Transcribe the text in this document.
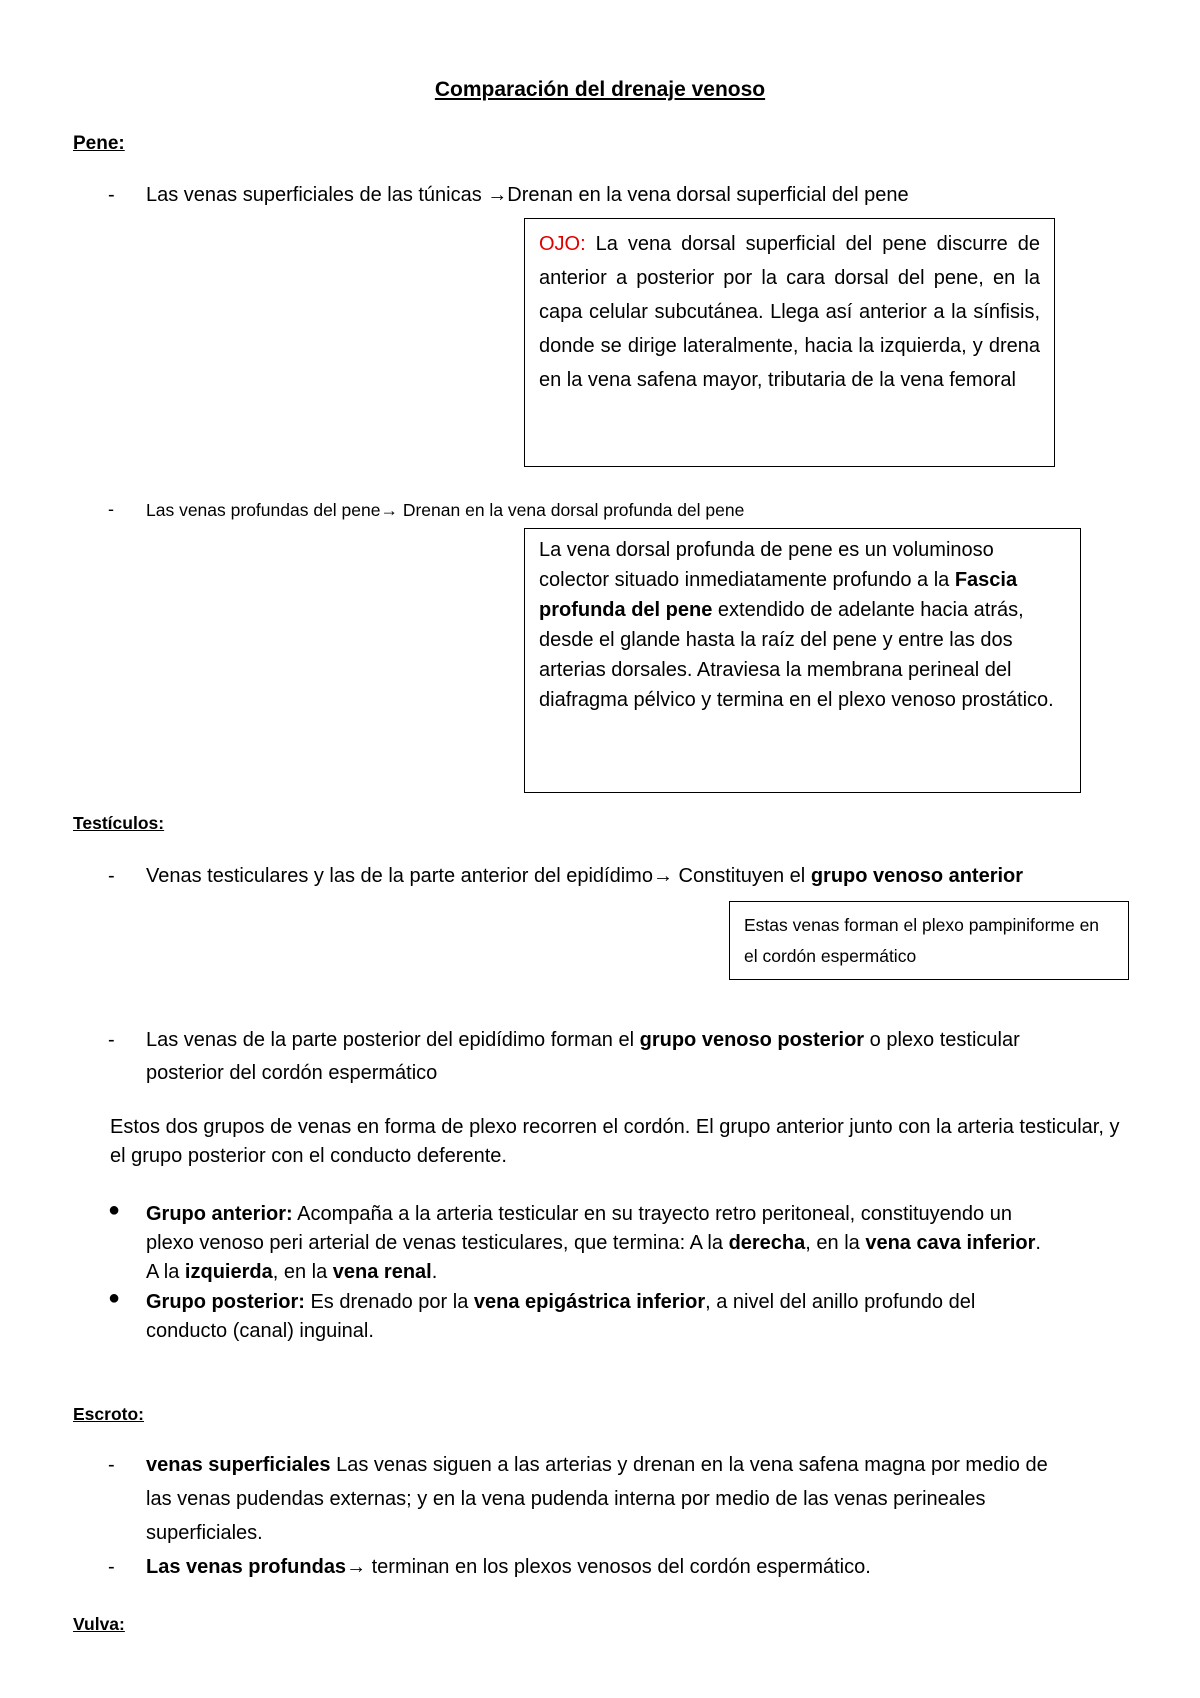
Comparación del drenaje venoso
Pene:
- Las venas superficiales de las túnicas →Drenan en la vena dorsal superficial del pene
OJO: La vena dorsal superficial del pene discurre de anterior a posterior por la cara dorsal del pene, en la capa celular subcutánea. Llega así anterior a la sínfisis, donde se dirige lateralmente, hacia la izquierda, y drena en la vena safena mayor, tributaria de la vena femoral
- Las venas profundas del pene→ Drenan en la vena dorsal profunda del pene
La vena dorsal profunda de pene es un voluminoso colector situado inmediatamente profundo a la Fascia profunda del pene extendido de adelante hacia atrás, desde el glande hasta la raíz del pene y entre las dos arterias dorsales. Atraviesa la membrana perineal del diafragma pélvico y termina en el plexo venoso prostático.
Testículos:
- Venas testiculares y las de la parte anterior del epidídimo→ Constituyen el grupo venoso anterior
Estas venas forman el plexo pampiniforme en el cordón espermático
- Las venas de la parte posterior del epidídimo forman el grupo venoso posterior o plexo testicular
posterior del cordón espermático
Estos dos grupos de venas en forma de plexo recorren el cordón. El grupo anterior junto con la arteria testicular, y el grupo posterior con el conducto deferente.
● Grupo anterior: Acompaña a la arteria testicular en su trayecto retro peritoneal, constituyendo un
plexo venoso peri arterial de venas testiculares, que termina: A la derecha, en la vena cava inferior.
A la izquierda, en la vena renal.
● Grupo posterior: Es drenado por la vena epigástrica inferior, a nivel del anillo profundo del
conducto (canal) inguinal.
Escroto:
- venas superficiales Las venas siguen a las arterias y drenan en la vena safena magna por medio de
las venas pudendas externas; y en la vena pudenda interna por medio de las venas perineales
superficiales.
- Las venas profundas→ terminan en los plexos venosos del cordón espermático.
Vulva:
